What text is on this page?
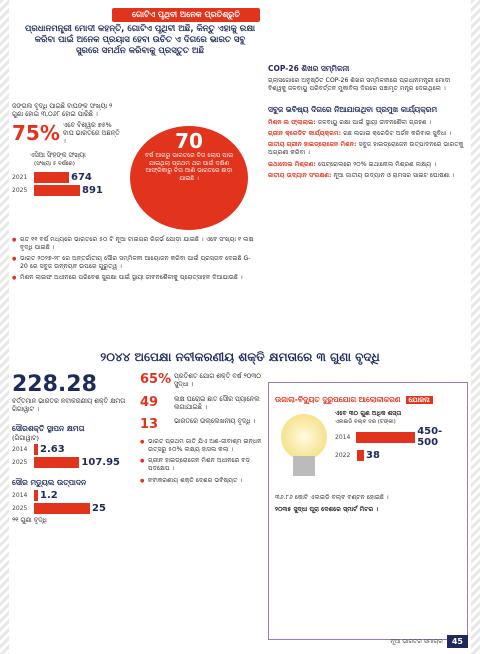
ଗୋଟିଏ ପୃଥିବୀ ଅନେକ ପ୍ରତିଶ୍ରୁତି
ପ୍ରଧାନମନ୍ତ୍ରୀ ମୋଦୀ କହନ୍ତି, ଗୋଟିଏ ପୃଥିବୀ ଅଛି, କିନ୍ତୁ ଏହାକୁ ରକ୍ଷା କରିବା ପାଇଁ ଅନେକ ପ୍ରୟାସ ହେବା ଉଚିତ ଏ ଦିଗରେ ଭାରତ ସବୁ ସୁରରେ ସମର୍ଥନ କରିବାକୁ ପ୍ରସ୍ତୁତ ଅଛି

ଜଙ୍ଗଲ ବୃଦ୍ଧି ପାଇଛି ବାଘଙ୍କ ସଂଖ୍ୟା ୨ ଗୁଣା ହୋଇ ୩,୦୬୮ ହୋଇ ପାରିଛି ।

75% ଏବେ ବିଶ୍ୱର ୭୫% ବାଘ ଭାରତରେ ଅଛନ୍ତି ।

ଏସିଆ ସିଂହଙ୍କ ସଂଖ୍ୟା

(ସଂଖ୍ୟା ୫ ବର୍ଷରେ)

2021	674
2025	891

● ଗତ ୧୧ ବର୍ଷ ମଧ୍ୟରେ ଭାରତରେ ୫୦ ଟି ନୂଆ ଟାଇଗର ରିଜର୍ଭ ଯୋଡ଼ା ଯାଇଛି । ଏବେ ସଂଖ୍ୟା ୧ ଲକ୍ଷ ବୃଦ୍ଧି ପାଇଛି ।

● ଭାରତ ୨୦୨୭-୨୮ ରେ ଅନ୍ତର୍ଜାତୀୟ ସୌର ସମ୍ମିଳନୀ ଆୟୋଜନ କରିବା ପାଇଁ ପ୍ରସ୍ତାବ ଦେଇଛି G-20 ରେ ସବୁଜ ଉନ୍ନୟନ ଉପରେ ଗୁରୁତ୍ୱ ।

● ମିଶନ ଲାଇଫ ଅଧୀନରେ ପରିବେଶ ସୁରକ୍ଷା ପାଇଁ ସ୍ଥାୟୀ ଜୀବନଶୈଳୀକୁ ପ୍ରୋତ୍ସାହନ ଦିଆଯାଉଛି ।

70
ବର୍ଷ ଆଗରୁ ଭାରତରେ ଚିତା ଲୋପ ପାଇ ଯାଇଥିଲା ପ୍ରଥମ ଥର ପାଇଁ ଦକ୍ଷିଣ ଆଫ୍ରିକାରୁ ଚିତା ଆଣି ଭାରତରେ ଛାଡ଼ା ଯାଇଛି ।
COP-26 ଶିଖର ସମ୍ମିଳନୀ

ଗ୍ଲାସଗୋରେ ଅନୁଷ୍ଠିତ COP-26 ଶିଖର ସମ୍ମିଳନୀରେ ପ୍ରଧାନମନ୍ତ୍ରୀ ମୋଦୀ ବିଶ୍ୱକୁ ଜଳବାୟୁ ପରିବର୍ତ୍ତନ ମୁକାବିଲା ଦିଗରେ ପଞ୍ଚାମୃତ ମନ୍ତ୍ର ଦେଇଥିଲେ ।

ସବୁଜ ଭବିଷ୍ୟ ଦିଗରେ ନିଆଯାଉଥିବା ପ୍ରମୁଖ କାର୍ଯ୍ୟକ୍ରମ

ମିଶନ ଲ ଫ୍ଲାଲାଇ: ଜଳବାୟୁ ରକ୍ଷା ପାଇଁ ସ୍ଥାୟୀ ଜୀବନଶୈଳୀ ଗ୍ରହଣ ।

ଗ୍ରୀନ କ୍ରେଡିଟ କାର୍ଯ୍ୟକ୍ରମ: ଗଛ ଲଗାଇ କ୍ରେଡିଟ ଅର୍ଜନ କରିବାର ସୁବିଧା ।

ଜାତୀୟ ଗ୍ରୀନ ହାଇଡ୍ରୋଜେନ ମିଶନ: ସବୁଜ ହାଇଡ୍ରୋଜେନ ଉତ୍ପାଦନରେ ଭାରତକୁ ଅଗ୍ରଣୀ କରିବା ।

ଇଥାନୋଲ ମିଶ୍ରଣ: ପେଟ୍ରୋଲରେ ୨୦% ଇଥାନୋଲ ମିଶ୍ରଣ ଲକ୍ଷ୍ୟ ।

ଜାତୀୟ ଉଦ୍ୟାନ ସଂରକ୍ଷଣ: ନୂଆ ଜାତୀୟ ଉଦ୍ୟାନ ଓ ରାମସର ସାଇଟ ଘୋଷଣା ।

୨୦୪୪ ଅପେକ୍ଷା ନବୀକରଣୀୟ ଶକ୍ତି କ୍ଷମତାରେ ୩ ଗୁଣା ବୃଦ୍ଧି
228.28

ବର୍ତ୍ତମାନ ଭାରତର ନବୀକରଣୀୟ ଶକ୍ତି କ୍ଷମତା ଗିଗାୱାଟ ।

ସୌରଶକ୍ତି ସ୍ଥାପନ କ୍ଷମତା

(ଗିଗାୱାଟ)

2014	2.63
2025	107.95
ସୌର ମଡ୍ୟୁଲ ଉତ୍ପାଦନ
2014	1.2
2025	25

୨୧ ଗୁଣା ବୃଦ୍ଧି

65% ପ୍ରତିଶତ ଯୋଗ ଶକ୍ତି ବର୍ଷ ୨୦୩୦ ସୁଦ୍ଧା ।
49	ଲକ୍ଷ ଘରୋଇ ଛାତ ସୌର ପ୍ୟାନେଲ ଲଗାଯାଇଛି ।
13	ଭାରତରେ ଉଲ୍ଲେଖନୀୟ ବୃଦ୍ଧି ।

● ଭାରତ ପ୍ରଥମ ଜାତି ଯିଏ ଅଣ-ଜୀବାଶ୍ମ ଇନ୍ଧନ ଉତ୍ସରୁ ୫୦% ଲକ୍ଷ୍ୟ ହାସଲ କଲା ।

● ଗ୍ରୀନ ହାଇଡ୍ରୋଜେନ ମିଶନ ଅଧୀନରେ ବଡ଼ ପଦକ୍ଷେପ ।

● ନବୀକରଣୀୟ ଶକ୍ତି ଦେଶର ଭବିଷ୍ୟତ ।

ଉଜାଲା-ବିଦ୍ୟୁତ ଦୁରୁପଯୋଗ ଆଲୋକୀକରଣ ଯୋଜନା

ଏବେ ୩୦ ଗୁଣ ଅଧିକ ଶସ୍ତା

ଏଲଇଡି ବଲ୍ବ ଦର (ଟଙ୍କା)

2014	450-500
2022	38

୩୬.୮୬ କୋଟି ଏଲଇଡି ବଲ୍ବ ବଣ୍ଟନ ହୋଇଛି ।

୨୦୩୫ ସୁଦ୍ଧା ପୂରା ଦେଶରେ ସ୍ମାର୍ଟ ମିଟର ।

ନୂଆ ଭାରତର ସମାଚାର	45
